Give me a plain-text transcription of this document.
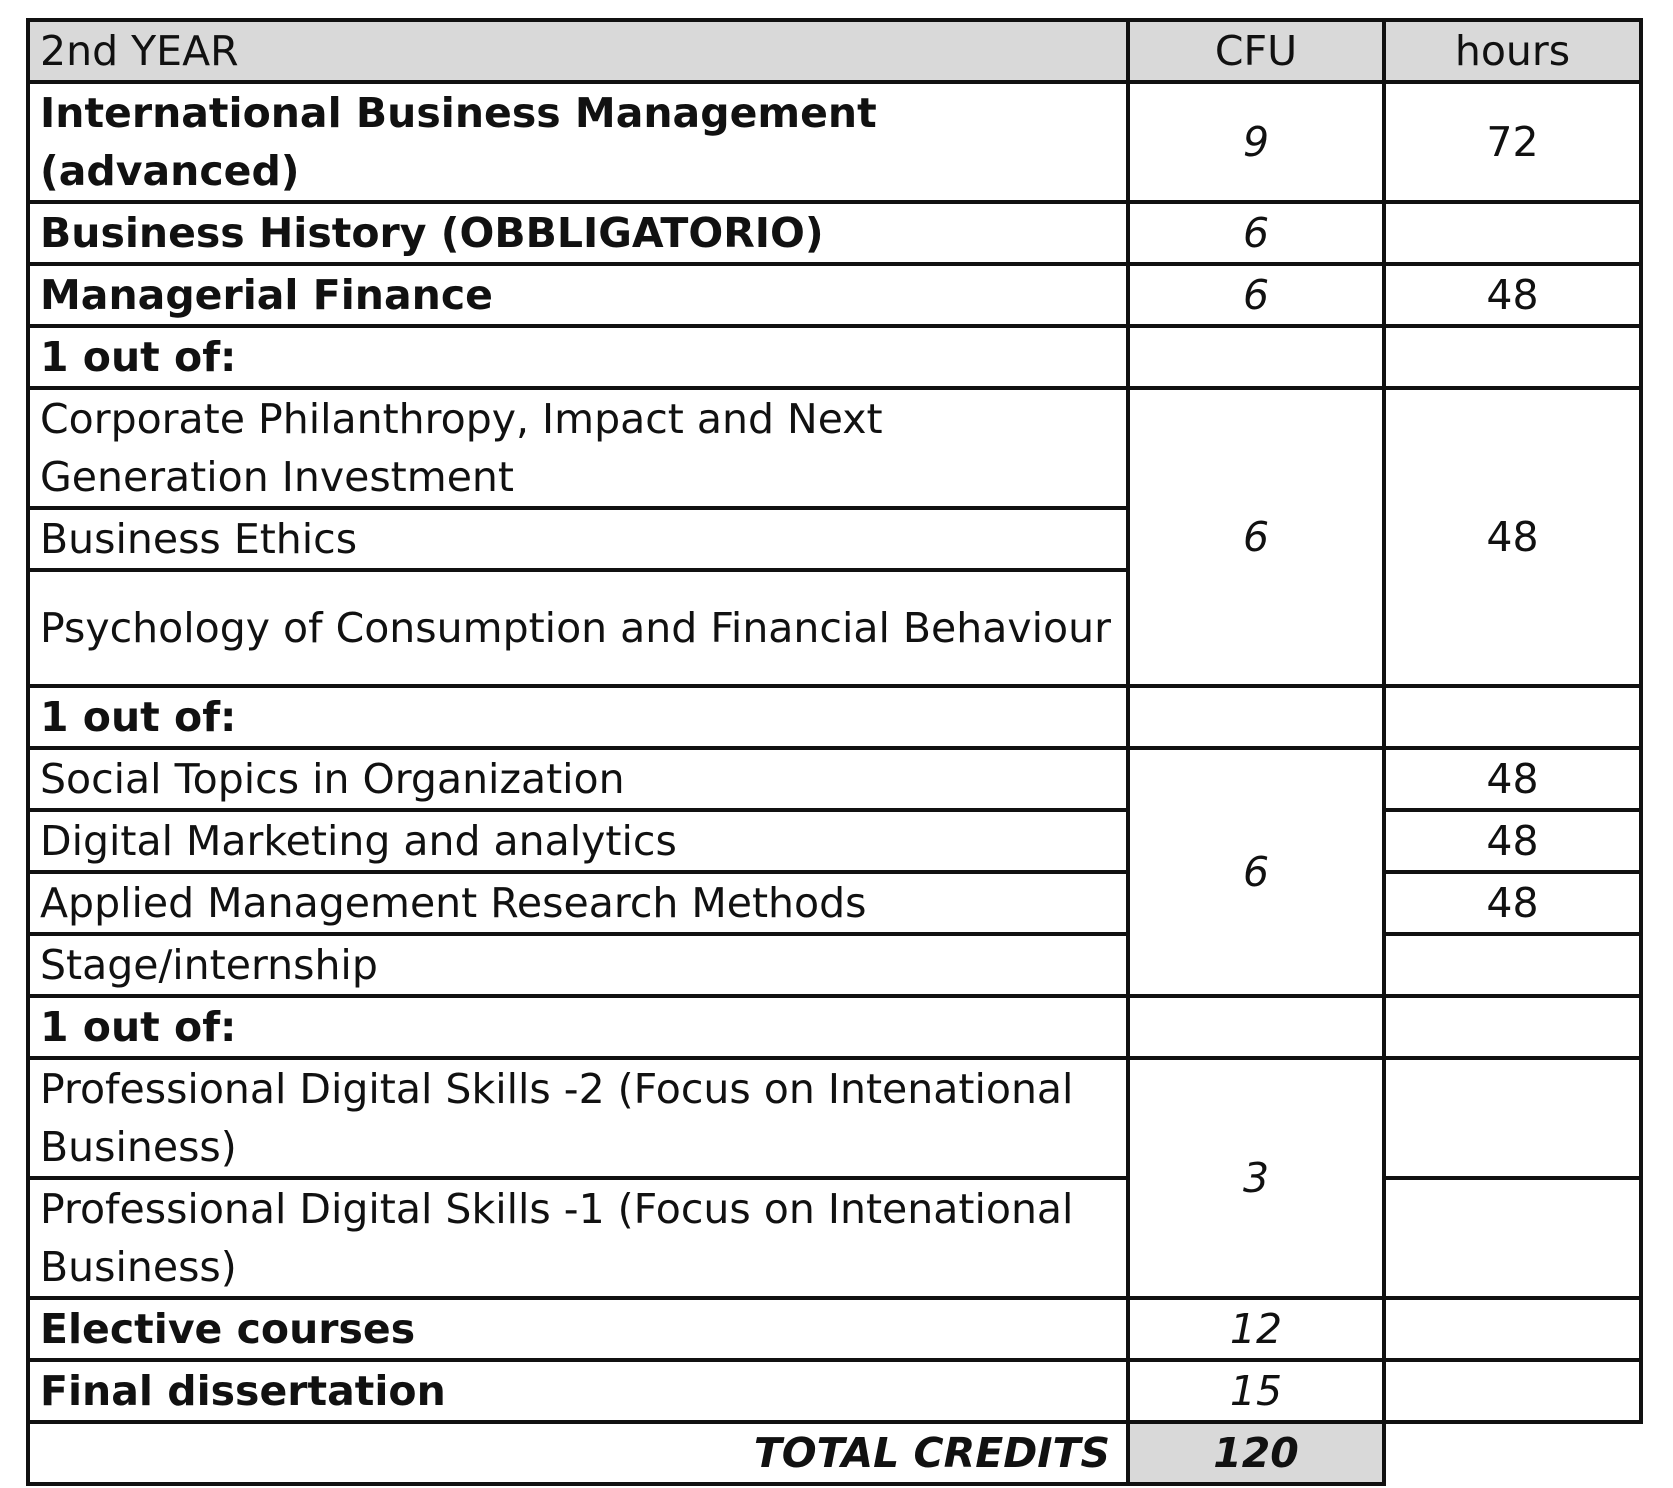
2nd YEAR	CFU	hours
International Business Management (advanced)	9	72
Business History (OBBLIGATORIO)	6	
Managerial Finance	6	48
1 out of:		
Corporate Philanthropy, Impact and Next Generation Investment	6	48
Business Ethics		
Psychology of Consumption and Financial Behaviour		
1 out of:		
Social Topics in Organization	6	48
Digital Marketing and analytics		48
Applied Management Research Methods		48
Stage/internship		
1 out of:		
Professional Digital Skills -2 (Focus on Intenational Business)	3	
Professional Digital Skills -1 (Focus on Intenational Business)		
Elective courses	12	
Final dissertation	15	
TOTAL CREDITS	120	
